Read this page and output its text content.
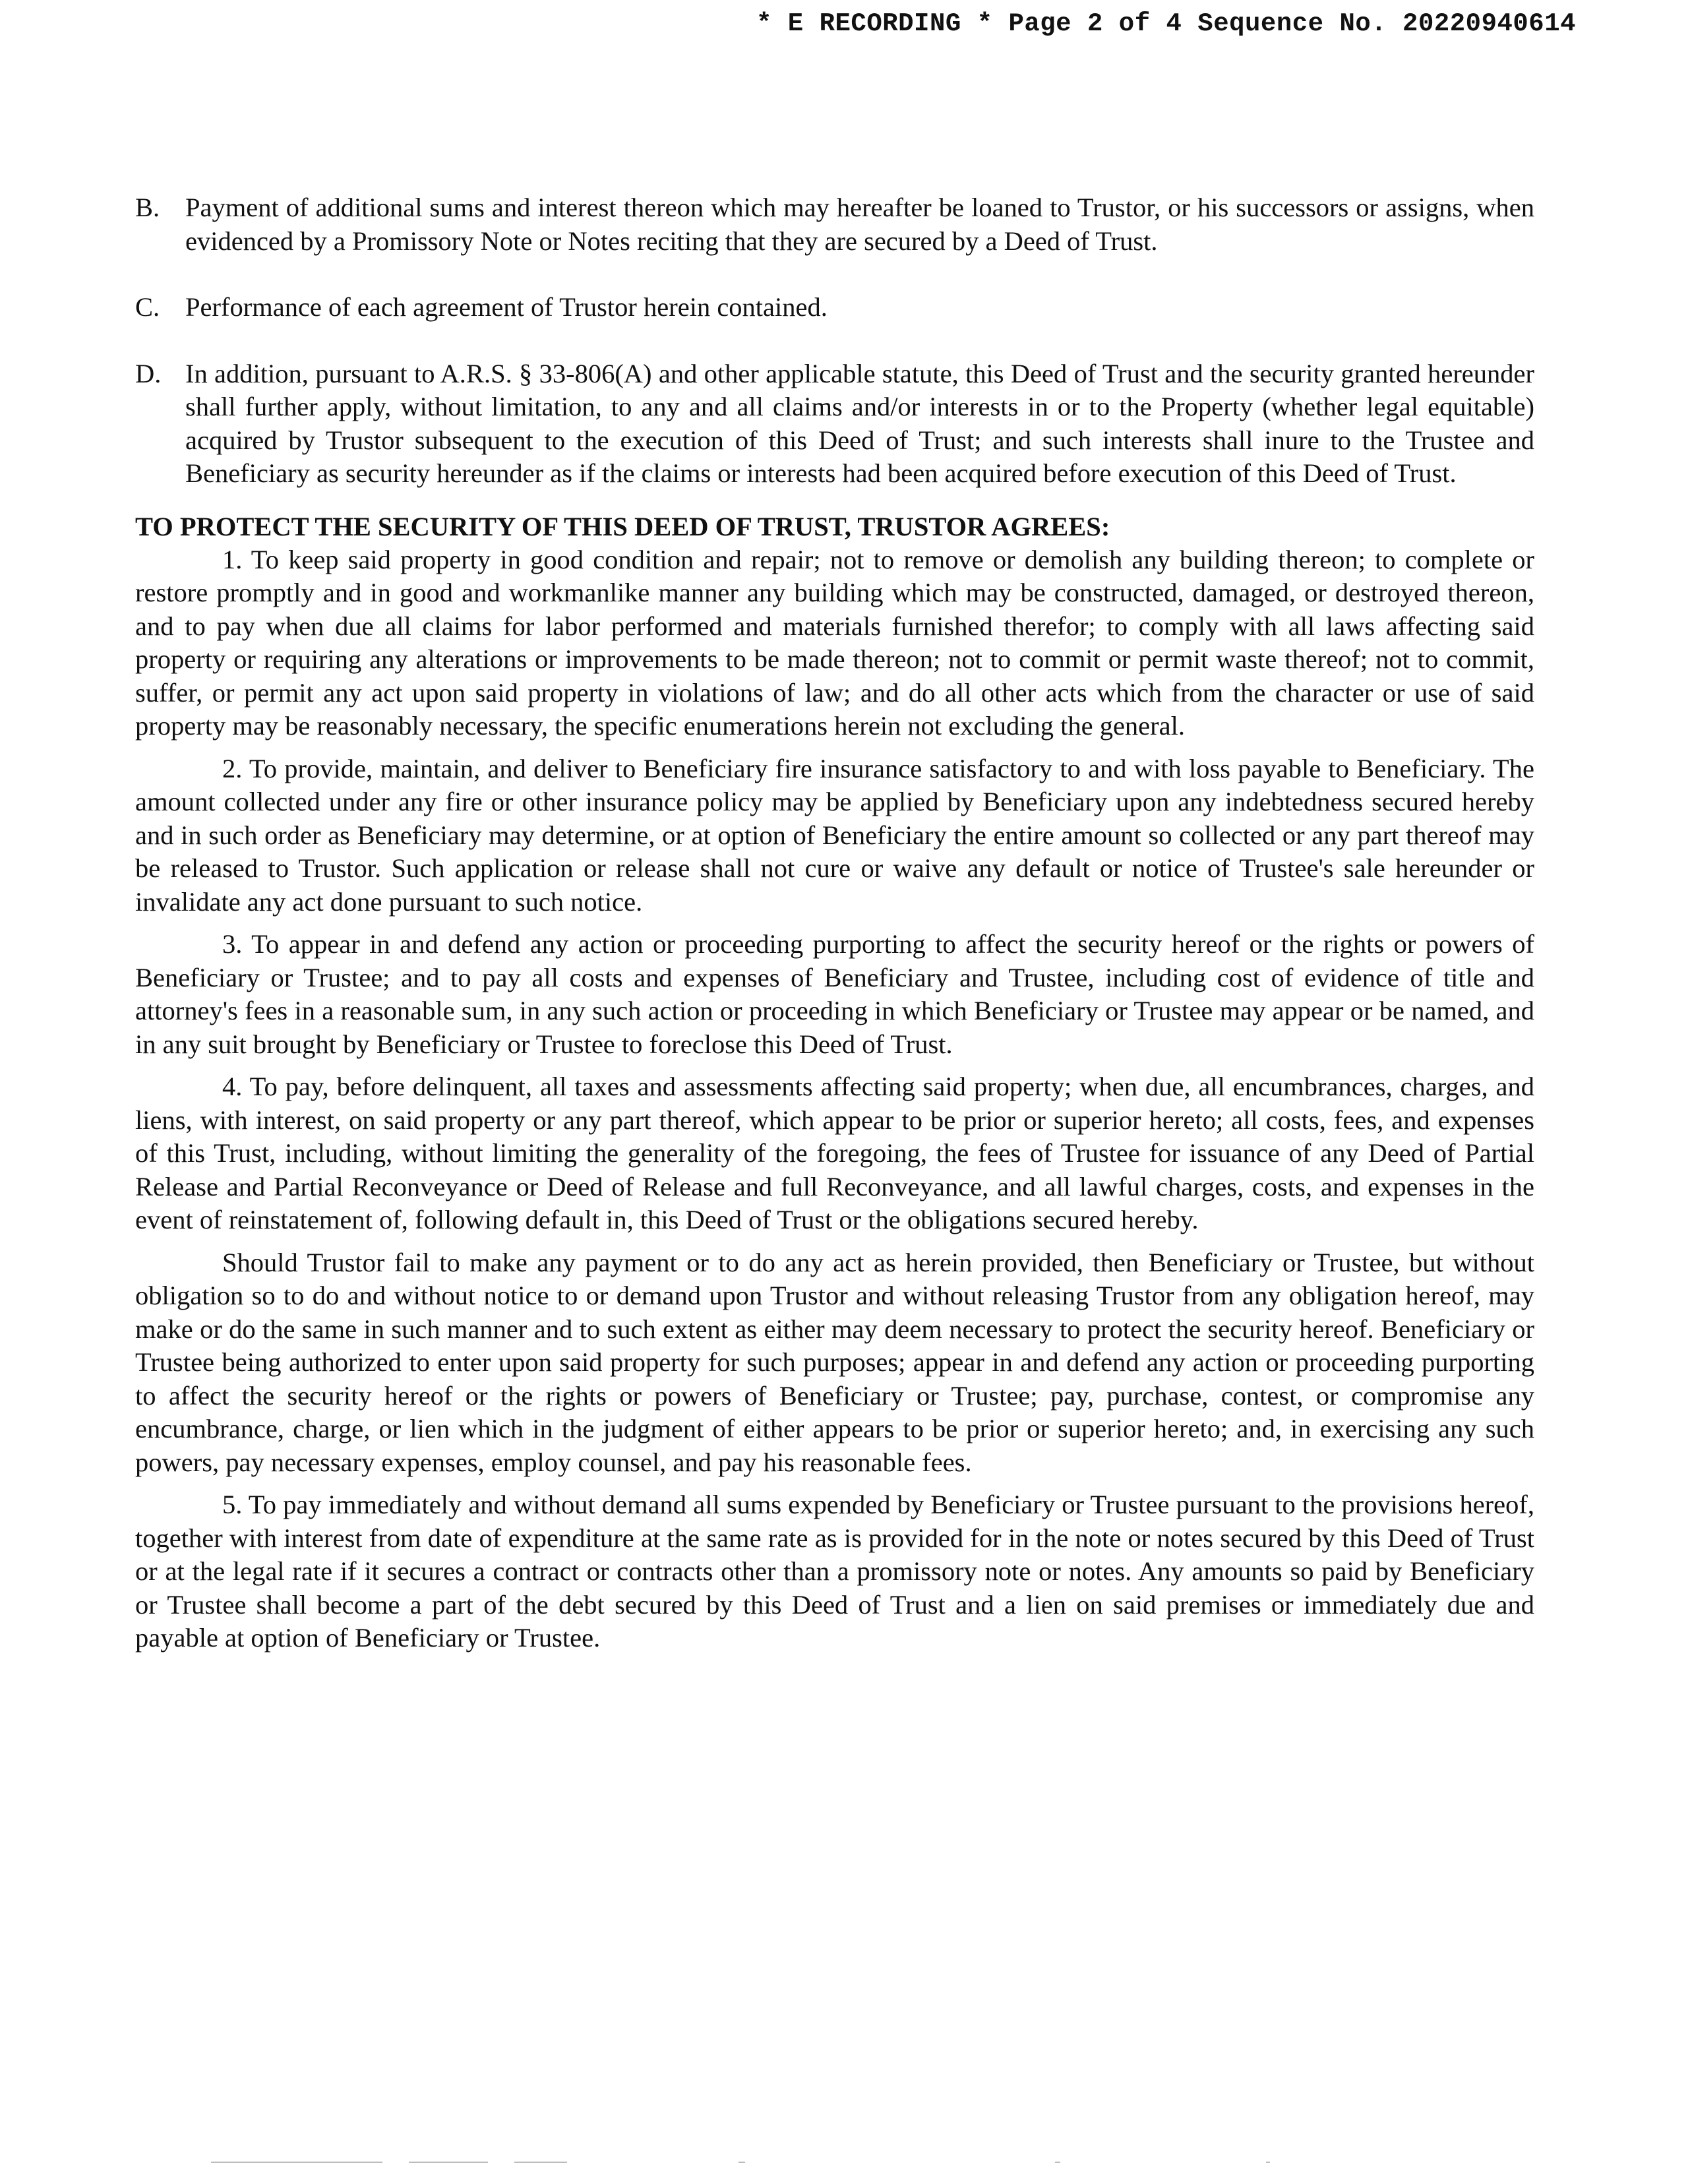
* E RECORDING * Page 2 of 4 Sequence No. 20220940614
B. Payment of additional sums and interest thereon which may hereafter be loaned to Trustor, or his successors or assigns, when evidenced by a Promissory Note or Notes reciting that they are secured by a Deed of Trust.
C. Performance of each agreement of Trustor herein contained.
D. In addition, pursuant to A.R.S. § 33-806(A) and other applicable statute, this Deed of Trust and the security granted hereunder shall further apply, without limitation, to any and all claims and/or interests in or to the Property (whether legal equitable) acquired by Trustor subsequent to the execution of this Deed of Trust; and such interests shall inure to the Trustee and Beneficiary as security hereunder as if the claims or interests had been acquired before execution of this Deed of Trust.
TO PROTECT THE SECURITY OF THIS DEED OF TRUST, TRUSTOR AGREES:
1. To keep said property in good condition and repair; not to remove or demolish any building thereon; to complete or restore promptly and in good and workmanlike manner any building which may be constructed, damaged, or destroyed thereon, and to pay when due all claims for labor performed and materials furnished therefor; to comply with all laws affecting said property or requiring any alterations or improvements to be made thereon; not to commit or permit waste thereof; not to commit, suffer, or permit any act upon said property in violations of law; and do all other acts which from the character or use of said property may be reasonably necessary, the specific enumerations herein not excluding the general.
2. To provide, maintain, and deliver to Beneficiary fire insurance satisfactory to and with loss payable to Beneficiary. The amount collected under any fire or other insurance policy may be applied by Beneficiary upon any indebtedness secured hereby and in such order as Beneficiary may determine, or at option of Beneficiary the entire amount so collected or any part thereof may be released to Trustor. Such application or release shall not cure or waive any default or notice of Trustee's sale hereunder or invalidate any act done pursuant to such notice.
3. To appear in and defend any action or proceeding purporting to affect the security hereof or the rights or powers of Beneficiary or Trustee; and to pay all costs and expenses of Beneficiary and Trustee, including cost of evidence of title and attorney's fees in a reasonable sum, in any such action or proceeding in which Beneficiary or Trustee may appear or be named, and in any suit brought by Beneficiary or Trustee to foreclose this Deed of Trust.
4. To pay, before delinquent, all taxes and assessments affecting said property; when due, all encumbrances, charges, and liens, with interest, on said property or any part thereof, which appear to be prior or superior hereto; all costs, fees, and expenses of this Trust, including, without limiting the generality of the foregoing, the fees of Trustee for issuance of any Deed of Partial Release and Partial Reconveyance or Deed of Release and full Reconveyance, and all lawful charges, costs, and expenses in the event of reinstatement of, following default in, this Deed of Trust or the obligations secured hereby.
Should Trustor fail to make any payment or to do any act as herein provided, then Beneficiary or Trustee, but without obligation so to do and without notice to or demand upon Trustor and without releasing Trustor from any obligation hereof, may make or do the same in such manner and to such extent as either may deem necessary to protect the security hereof. Beneficiary or Trustee being authorized to enter upon said property for such purposes; appear in and defend any action or proceeding purporting to affect the security hereof or the rights or powers of Beneficiary or Trustee; pay, purchase, contest, or compromise any encumbrance, charge, or lien which in the judgment of either appears to be prior or superior hereto; and, in exercising any such powers, pay necessary expenses, employ counsel, and pay his reasonable fees.
5. To pay immediately and without demand all sums expended by Beneficiary or Trustee pursuant to the provisions hereof, together with interest from date of expenditure at the same rate as is provided for in the note or notes secured by this Deed of Trust or at the legal rate if it secures a contract or contracts other than a promissory note or notes. Any amounts so paid by Beneficiary or Trustee shall become a part of the debt secured by this Deed of Trust and a lien on said premises or immediately due and payable at option of Beneficiary or Trustee.
